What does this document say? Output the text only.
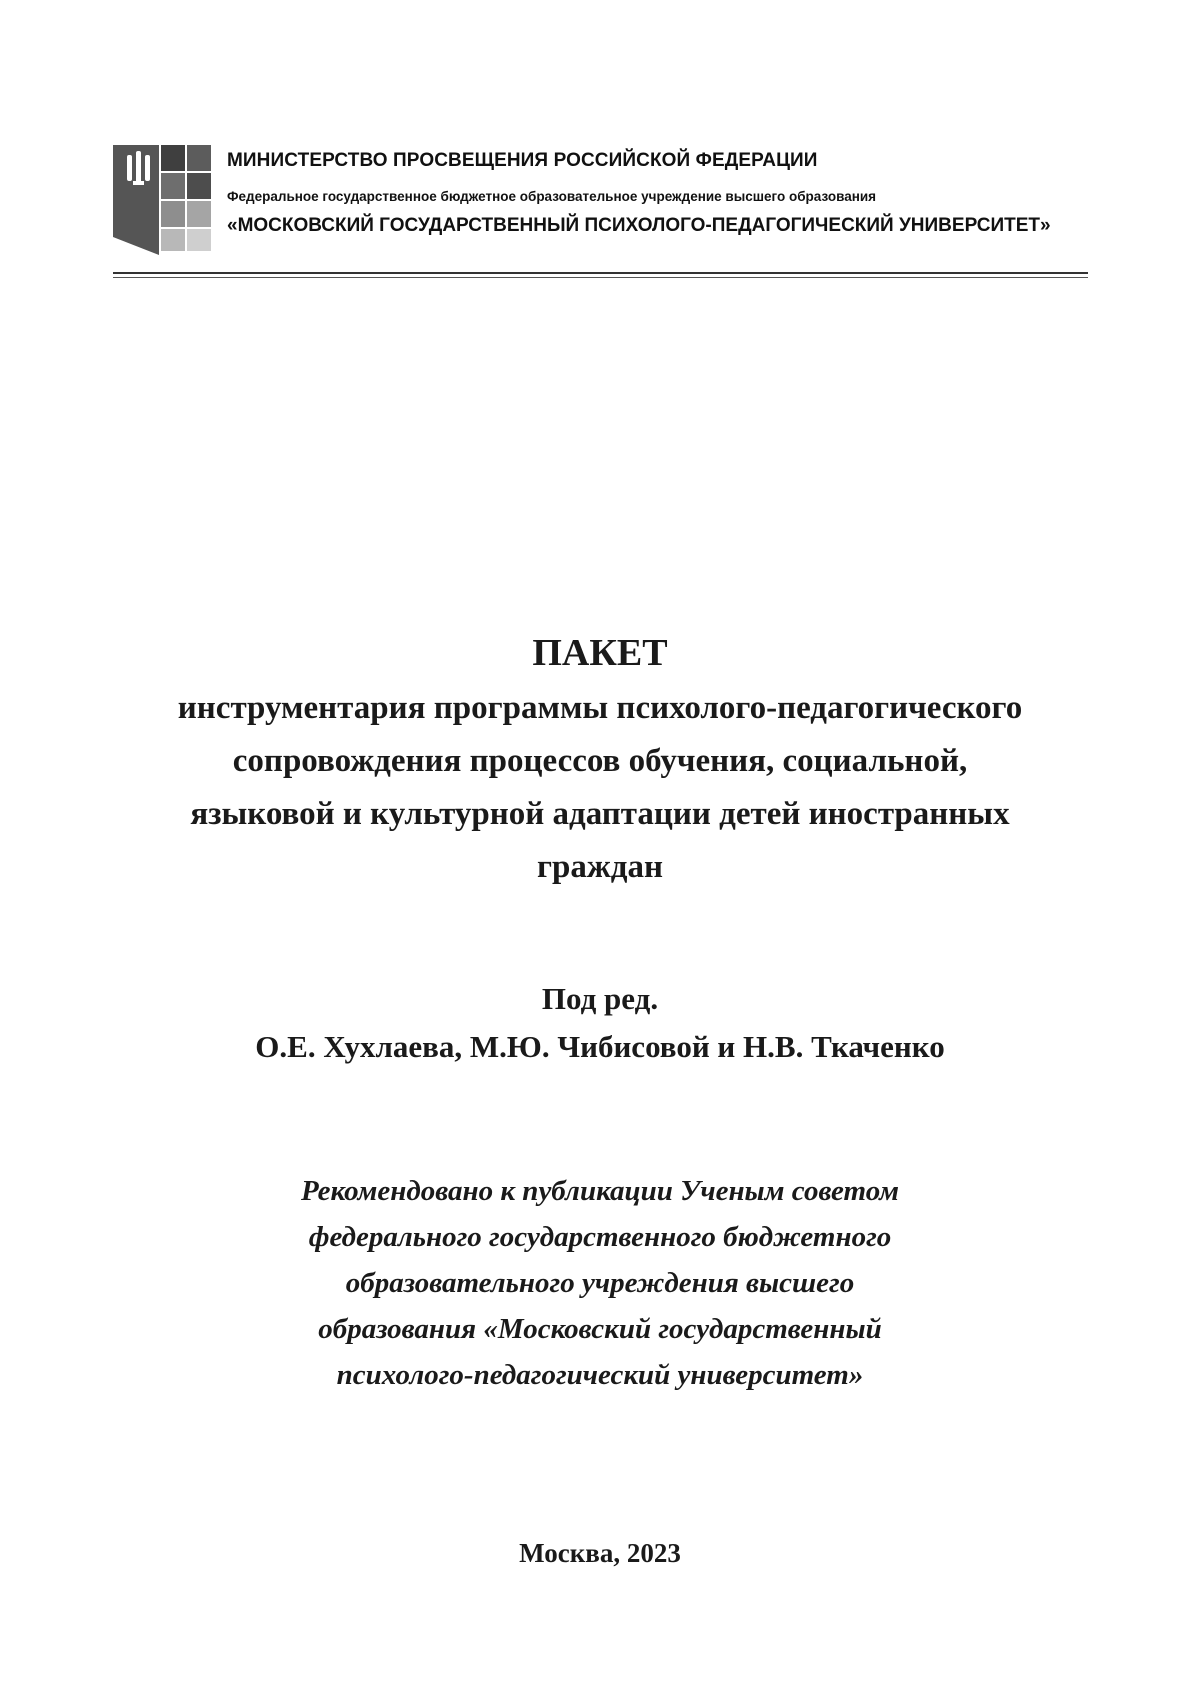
МИНИСТЕРСТВО ПРОСВЕЩЕНИЯ РОССИЙСКОЙ ФЕДЕРАЦИИ
Федеральное государственное бюджетное образовательное учреждение высшего образования
«МОСКОВСКИЙ ГОСУДАРСТВЕННЫЙ ПСИХОЛОГО-ПЕДАГОГИЧЕСКИЙ УНИВЕРСИТЕТ»
ПАКЕТ
инструментария программы психолого-педагогического
сопровождения процессов обучения, социальной,
языковой и культурной адаптации детей иностранных
граждан
Под ред.
О.Е. Хухлаева, М.Ю. Чибисовой и Н.В. Ткаченко
Рекомендовано к публикации Ученым советом
федерального государственного бюджетного
образовательного учреждения высшего
образования «Московский государственный
психолого-педагогический университет»
Москва, 2023
